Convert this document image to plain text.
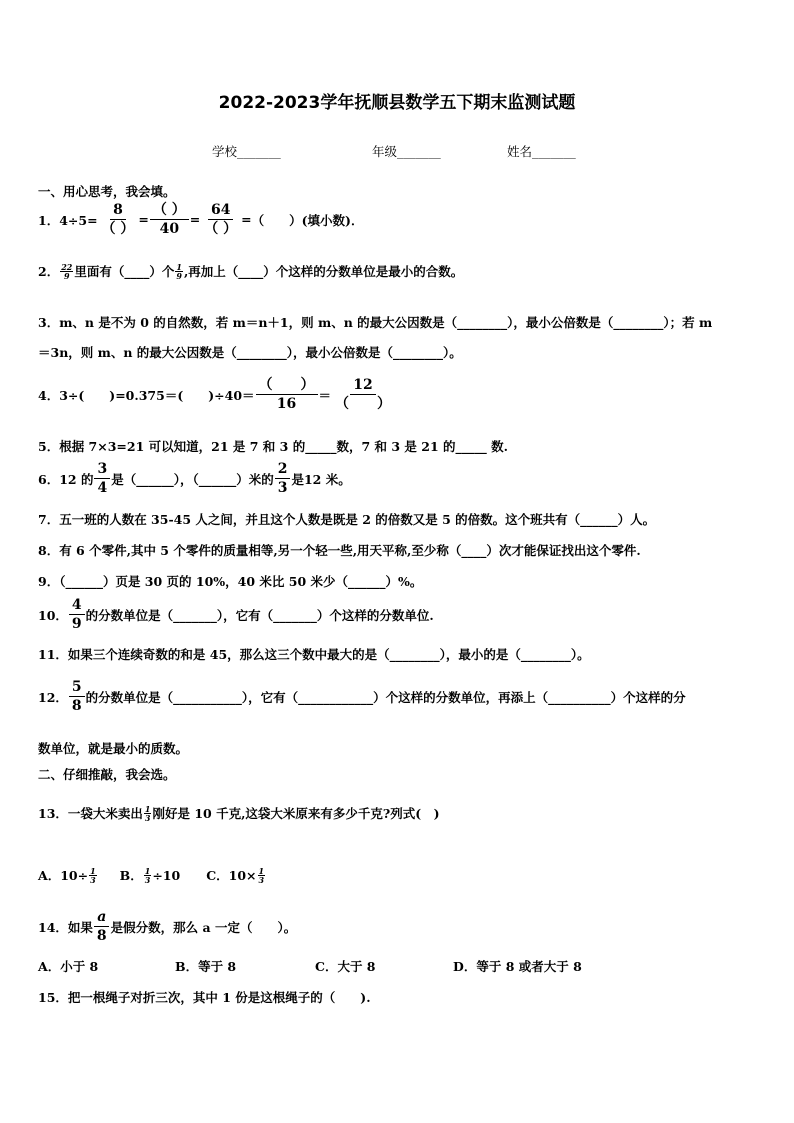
2022-2023学年抚顺县数学五下期末监测试题
学校_______	年级_______	姓名_______
一、用心思考，我会填。
1．$4\div 5= \frac{8}{( )} = \frac{( )}{40} = \frac{64}{( )}$ = （　　）(填小数)．
2． $\frac{22}{9}$ 里面有（____）个 $\frac{1}{9}$ ,再加上（____）个这样的分数单位是最小的合数。
3．m、n 是不为 0 的自然数，若 m＝n＋1，则 m、n 的最大公因数是（________），最小公倍数是（________）；若 m
＝3n，则 m、n 的最大公因数是（________），最小公倍数是（________）。
4．3÷(　　)=0.375＝(　　)$\div 40= \frac{( )}{16} = \frac{12}{( )}$
5．根据 7×3=21 可以知道，21 是 7 和 3 的_____数，7 和 3 是 21 的_____ 数.
6．12 的 $\frac{3}{4}$ 是（______），（______）米的 $\frac{2}{3}$ 是12 米。
7．五一班的人数在 35-45 人之间，并且这个人数是既是 2 的倍数又是 5 的倍数。这个班共有（______）人。
8．有 6 个零件,其中 5 个零件的质量相等,另一个轻一些,用天平称,至少称（____）次才能保证找出这个零件.
9．（______）页是 30 页的 10%，40 米比 50 米少（______）%。
10． $\frac{4}{9}$ 的分数单位是（_______），它有（_______）个这样的分数单位.
11．如果三个连续奇数的和是 45，那么这三个数中最大的是（________），最小的是（________）。
12． $\frac{5}{8}$ 的分数单位是（___________），它有（____________）个这样的分数单位，再添上（__________）个这样的分
数单位，就是最小的质数。
二、仔细推敲，我会选。
13．一袋大米卖出 $\frac{1}{3}$ 刚好是 10 千克,这袋大米原来有多少千克?列式(　)
A．$10\div \frac{1}{3}$ B． $\frac{1}{3} \div 10$ C．$10\times \frac{1}{3}$
14．如果 $\frac{a}{8}$ 是假分数，那么 a 一定（　　）。
A．小于 8	B．等于 8	C．大于 8	D．等于 8 或者大于 8
15．把一根绳子对折三次，其中 1 份是这根绳子的（　　).
